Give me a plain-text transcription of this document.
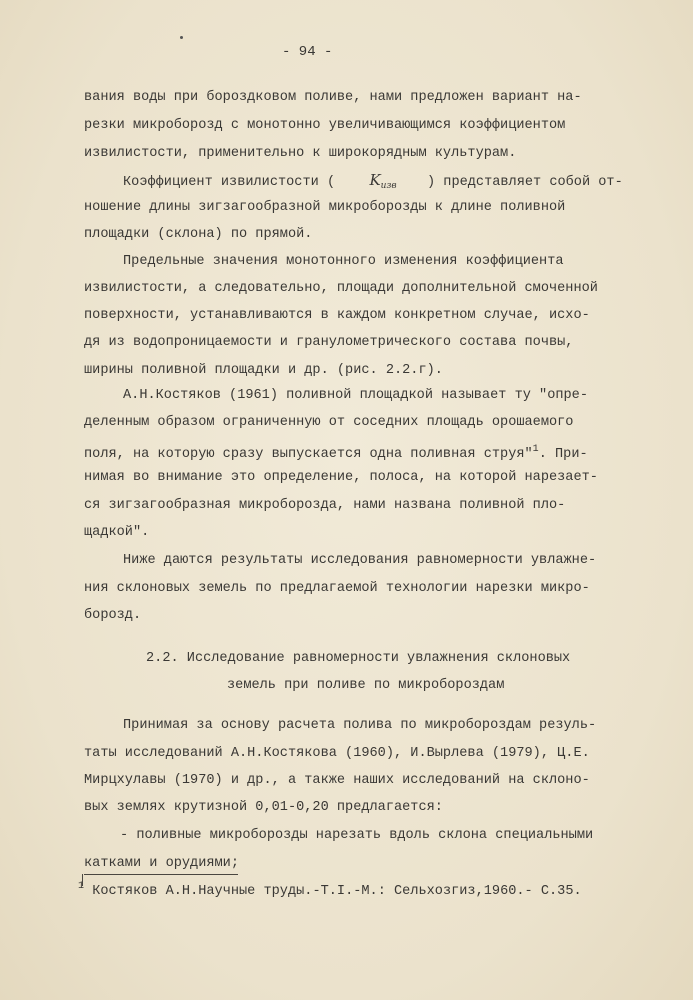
- 94 -
вания воды при бороздковом поливе, нами предложен вариант на-
резки микроборозд с монотонно увеличивающимся коэффициентом
извилистости, применительно к широкорядным культурам.
Коэффициент извилистости ( $K_{изв}$ ) представляет собой от-
ношение длины зигзагообразной микроборозды к длине поливной
площадки (склона) по прямой.
Предельные значения монотонного изменения коэффициента
извилистости, а следовательно, площади дополнительной смоченной
поверхности, устанавливаются в каждом конкретном случае, исхо-
дя из водопроницаемости и гранулометрического состава почвы,
ширины поливной площадки и др. (рис. 2.2.г).
А.Н.Костяков (1961) поливной площадкой называет ту "опре-
деленным образом ограниченную от соседних площадь орошаемого
поля, на которую сразу выпускается одна поливная струя"$^1$. При-
нимая во внимание это определение, полоса, на которой нарезает-
ся зигзагообразная микроборозда, нами названа поливной пло-
щадкой".
Ниже даются результаты исследования равномерности увлажне-
ния склоновых земель по предлагаемой технологии нарезки микро-
борозд.
2.2. Исследование равномерности увлажнения склоновых
земель при поливе по микробороздам
Принимая за основу расчета полива по микробороздам резуль-
таты исследований А.Н.Костякова (1960), И.Вырлева (1979), Ц.Е.
Мирцхулавы (1970) и др., а также наших исследований на склоно-
вых землях крутизной 0,01-0,20 предлагается:
- поливные микроборозды нарезать вдоль склона специальными
катками и орудиями;
$^1$ Костяков А.Н.Научные труды.-Т.I.-М.: Сельхозгиз,1960.- С.35.
